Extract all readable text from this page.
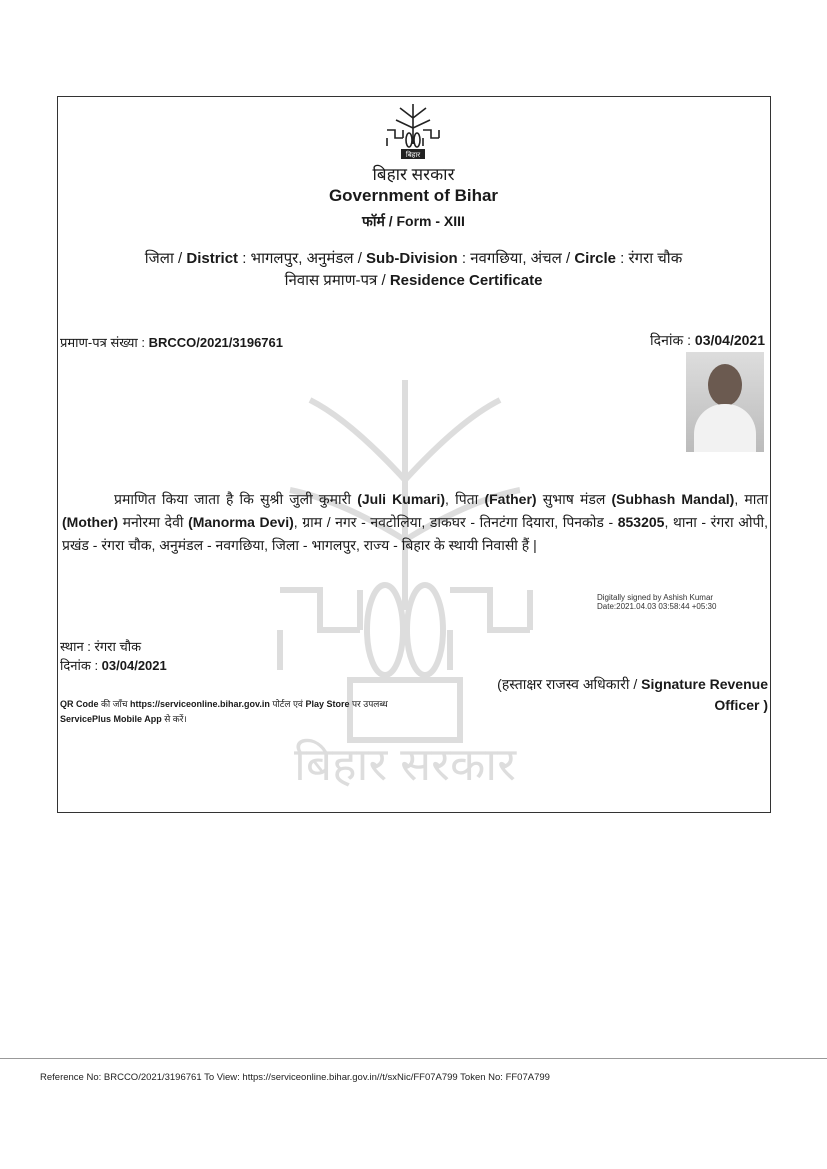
बिहार सरकार
बिहार
बिहार सरकार
Government of Bihar
फॉर्म / Form - XIII
जिला / District : भागलपुर, अनुमंडल / Sub-Division : नवगछिया, अंचल / Circle : रंगरा चौक
निवास प्रमाण-पत्र / Residence Certificate
प्रमाण-पत्र संख्या : BRCCO/2021/3196761	दिनांक : 03/04/2021
प्रमाणित किया जाता है कि सुश्री जुली कुमारी (Juli Kumari), पिता (Father) सुभाष मंडल (Subhash Mandal), माता (Mother) मनोरमा देवी (Manorma Devi), ग्राम / नगर - नवटोलिया, डाकघर - तिनटंगा दियारा, पिनकोड - 853205, थाना - रंगरा ओपी, प्रखंड - रंगरा चौक, अनुमंडल - नवगछिया, जिला - भागलपुर, राज्य - बिहार के स्थायी निवासी हैं |
Digitally signed by Ashish Kumar
Date:2021.04.03 03:58:44 +05:30
स्थान : रंगरा चौक
दिनांक : 03/04/2021
(हस्ताक्षर राजस्व अधिकारी / Signature Revenue Officer )
QR Code की जाँच https://serviceonline.bihar.gov.in पोर्टल एवं Play Store पर उपलब्ध
ServicePlus Mobile App से करें।
Reference No: BRCCO/2021/3196761 To View: https://serviceonline.bihar.gov.in//t/sxNic/FF07A799 Token No: FF07A799
